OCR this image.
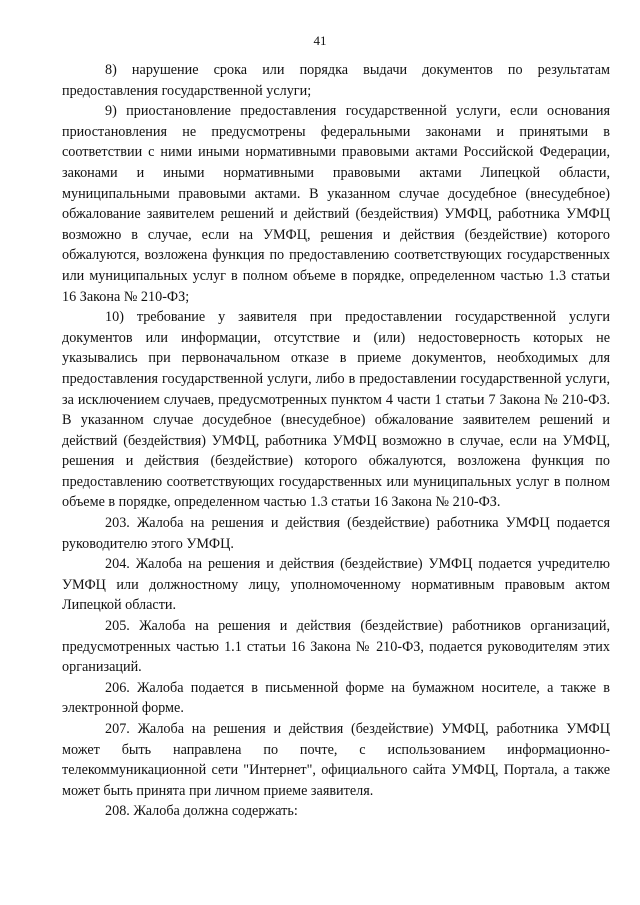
41

8) нарушение срока или порядка выдачи документов по результатам предоставления государственной услуги;

9) приостановление предоставления государственной услуги, если основания приостановления не предусмотрены федеральными законами и принятыми в соответствии с ними иными нормативными правовыми актами Российской Федерации, законами и иными нормативными правовыми актами Липецкой области, муниципальными правовыми актами. В указанном случае досудебное (внесудебное) обжалование заявителем решений и действий (бездействия) УМФЦ, работника УМФЦ возможно в случае, если на УМФЦ, решения и действия (бездействие) которого обжалуются, возложена функция по предоставлению соответствующих государственных или муниципальных услуг в полном объеме в порядке, определенном частью 1.3 статьи 16 Закона № 210-ФЗ;

10) требование у заявителя при предоставлении государственной услуги документов или информации, отсутствие и (или) недостоверность которых не указывались при первоначальном отказе в приеме документов, необходимых для предоставления государственной услуги, либо в предоставлении государственной услуги, за исключением случаев, предусмотренных пунктом 4 части 1 статьи 7 Закона № 210-ФЗ. В указанном случае досудебное (внесудебное) обжалование заявителем решений и действий (бездействия) УМФЦ, работника УМФЦ возможно в случае, если на УМФЦ, решения и действия (бездействие) которого обжалуются, возложена функция по предоставлению соответствующих государственных или муниципальных услуг в полном объеме в порядке, определенном частью 1.3 статьи 16 Закона № 210-ФЗ.

203. Жалоба на решения и действия (бездействие) работника УМФЦ подается руководителю этого УМФЦ.

204. Жалоба на решения и действия (бездействие) УМФЦ подается учредителю УМФЦ или должностному лицу, уполномоченному нормативным правовым актом Липецкой области.

205. Жалоба на решения и действия (бездействие) работников организаций, предусмотренных частью 1.1 статьи 16 Закона № 210-ФЗ, подается руководителям этих организаций.

206. Жалоба подается в письменной форме на бумажном носителе, а также в электронной форме.

207. Жалоба на решения и действия (бездействие) УМФЦ, работника УМФЦ может быть направлена по почте, с использованием информационно-телекоммуникационной сети "Интернет", официального сайта УМФЦ, Портала, а также может быть принята при личном приеме заявителя.

208. Жалоба должна содержать:
